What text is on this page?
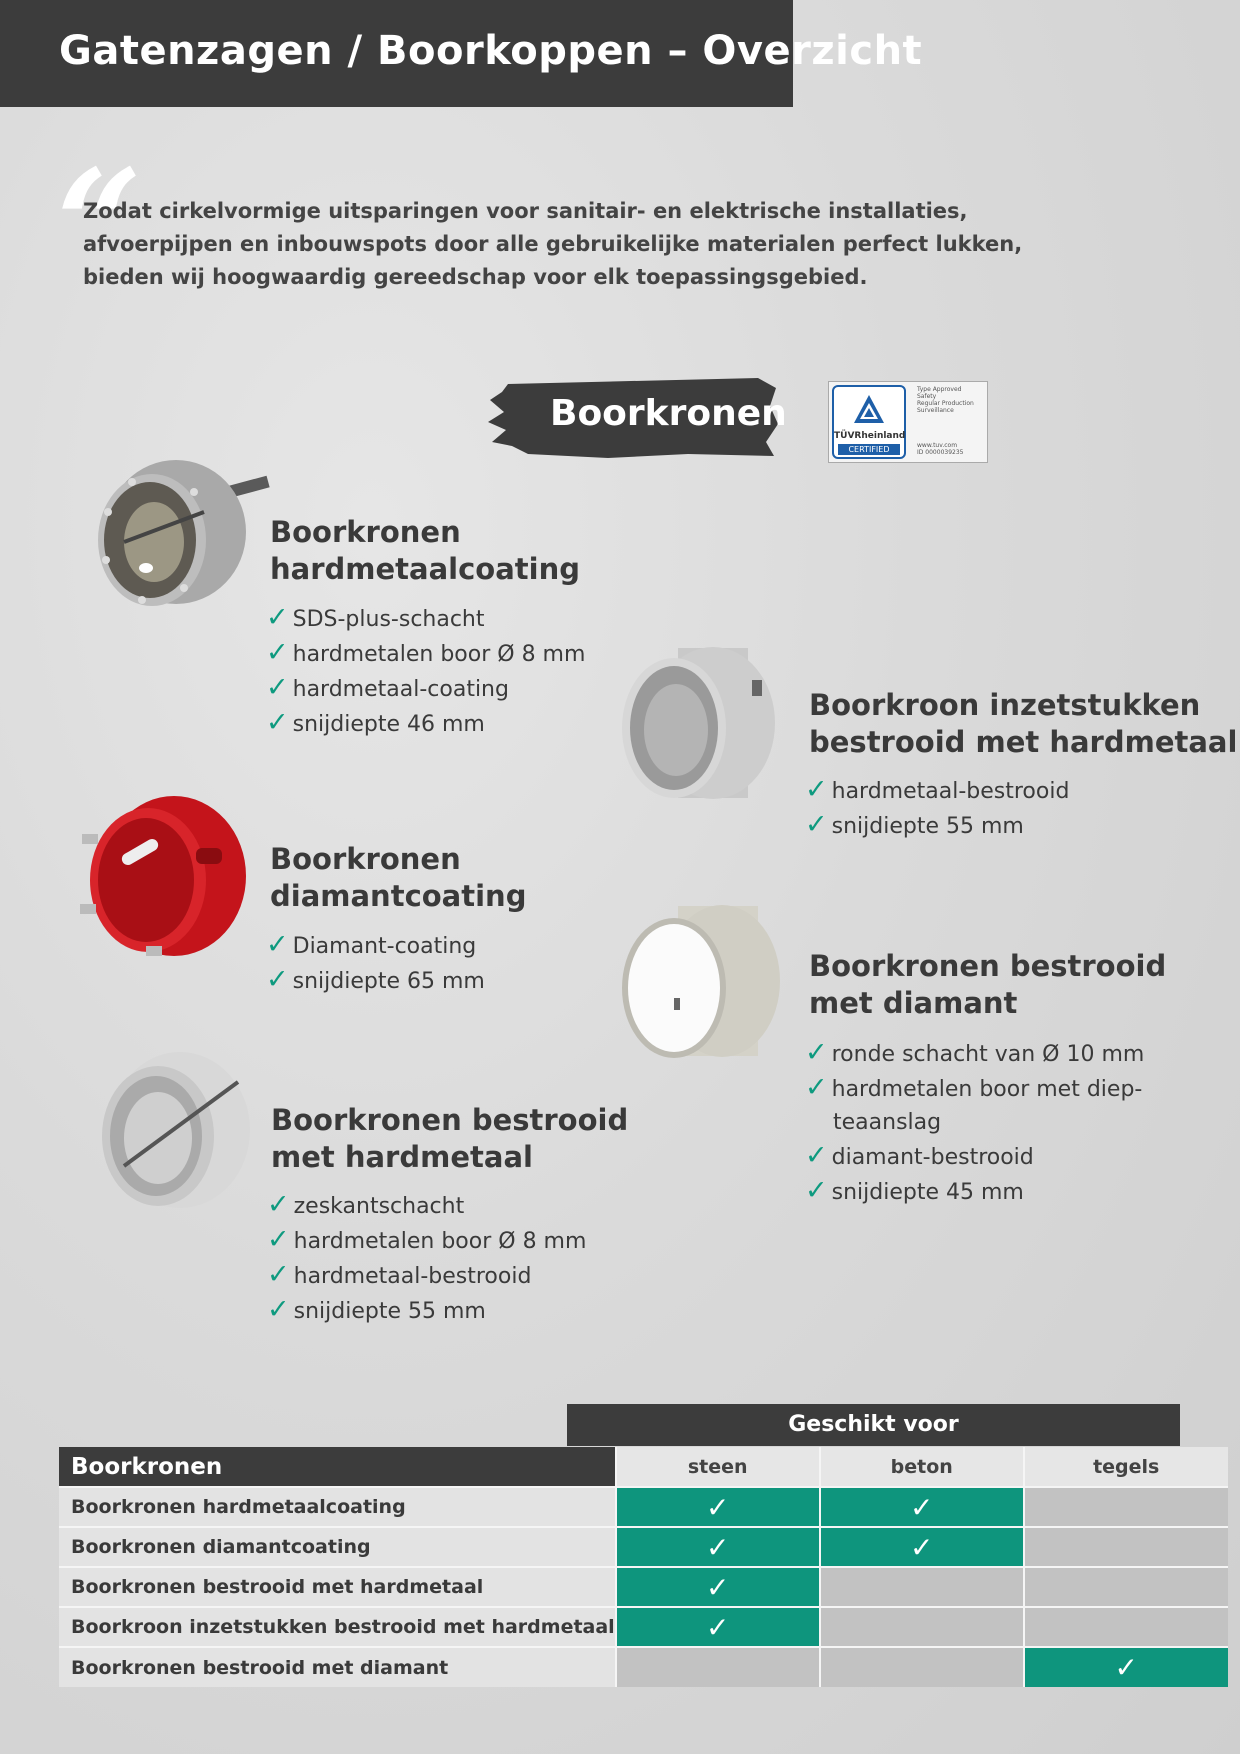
Gatenzagen / Boorkoppen – Overzicht
“
Zodat cirkelvormige uitsparingen voor sanitair- en elektrische installaties, afvoerpijpen en inbouwspots door alle gebruikelijke materialen perfect lukken, bieden wij hoogwaardig gereedschap voor elk toepassingsgebied.
Boorkronen
TÜVRheinland
CERTIFIED
Type Approved
Safety
Regular Production
Surveillance
www.tuv.com
ID 0000039235
Boorkronen
hardmetaalcoating
✓ SDS-plus-schacht
✓ hardmetalen boor Ø 8 mm
✓ hardmetaal-coating
✓ snijdiepte 46 mm
Boorkronen
diamantcoating
✓ Diamant-coating
✓ snijdiepte 65 mm
Boorkronen bestrooid
met hardmetaal
✓ zeskantschacht
✓ hardmetalen boor Ø 8 mm
✓ hardmetaal-bestrooid
✓ snijdiepte 55 mm
Boorkroon inzetstukken
bestrooid met hardmetaal
✓ hardmetaal-bestrooid
✓ snijdiepte 55 mm
Boorkronen bestrooid
met diamant
✓ ronde schacht van Ø 10 mm
✓ hardmetalen boor met diep-
teaanslag
✓ diamant-bestrooid
✓ snijdiepte 45 mm
Geschikt voor
Boorkronen	steen	beton	tegels
Boorkronen hardmetaalcoating	✓	✓	
Boorkronen diamantcoating	✓	✓	
Boorkronen bestrooid met hardmetaal	✓		
Boorkroon inzetstukken bestrooid met hardmetaal	✓		
Boorkronen bestrooid met diamant			✓
